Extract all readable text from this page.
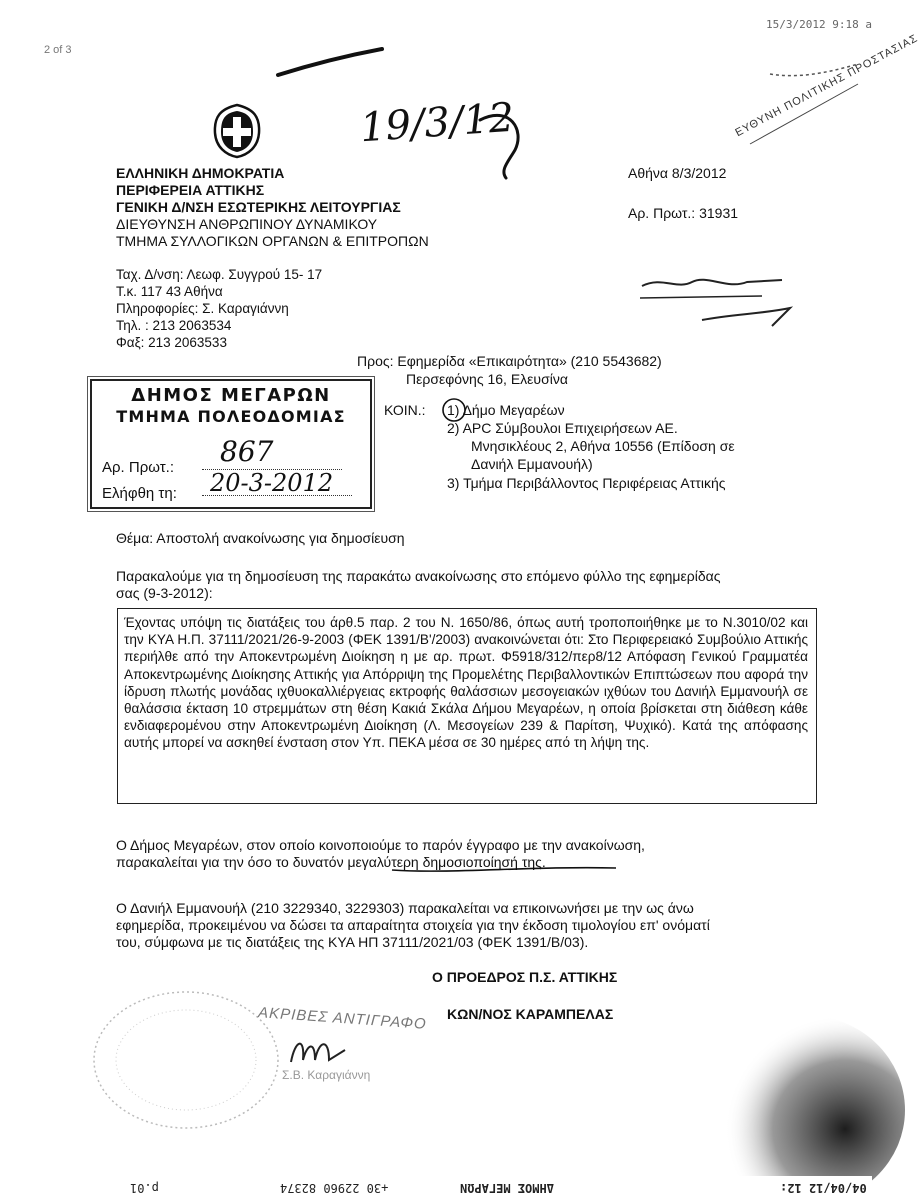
2 of 3
15/3/2012 9:18 a
19/3/12
ΕΛΛΗΝΙΚΗ ΔΗΜΟΚΡΑΤΙΑ
ΠΕΡΙΦΕΡΕΙΑ ΑΤΤΙΚΗΣ
ΓΕΝΙΚΗ Δ/ΝΣΗ ΕΣΩΤΕΡΙΚΗΣ ΛΕΙΤΟΥΡΓΙΑΣ
ΔΙΕΥΘΥΝΣΗ ΑΝΘΡΩΠΙΝΟΥ ΔΥΝΑΜΙΚΟΥ
ΤΜΗΜΑ ΣΥΛΛΟΓΙΚΩΝ ΟΡΓΑΝΩΝ & ΕΠΙΤΡΟΠΩΝ
Αθήνα 8/3/2012
Αρ. Πρωτ.: 31931
ΕΥΘΥΝΗ ΠΟΛΙΤΙΚΗΣ ΠΡΟΣΤΑΣΙΑΣ
Ταχ. Δ/νση: Λεωφ. Συγγρού 15- 17
Τ.κ. 117 43 Αθήνα
Πληροφορίες: Σ. Καραγιάννη
Τηλ. : 213 2063534
Φαξ: 213 2063533
Προς: Εφημερίδα «Επικαιρότητα» (210 5543682)
Περσεφόνης 16, Ελευσίνα
ΔΗΜΟΣ ΜΕΓΑΡΩΝ
ΤΜΗΜΑ ΠΟΛΕΟΔΟΜΙΑΣ
Αρ. Πρωτ.: 867
Ελήφθη τη: 20-3-2012
ΚΟΙΝ.: 1) Δήμο Μεγαρέων
2) APC Σύμβουλοι Επιχειρήσεων ΑΕ.
Μνησικλέους 2, Αθήνα 10556 (Επίδοση σε
Δανιήλ Εμμανουήλ)
3) Τμήμα Περιβάλλοντος Περιφέρειας Αττικής
Θέμα: Αποστολή ανακοίνωσης για δημοσίευση
Παρακαλούμε για τη δημοσίευση της παρακάτω ανακοίνωσης στο επόμενο φύλλο της εφημερίδας
σας (9-3-2012):

Έχοντας υπόψη τις διατάξεις του άρθ.5 παρ. 2 του Ν. 1650/86, όπως αυτή τροποποιήθηκε με το Ν.3010/02 και την ΚΥΑ Η.Π. 37111/2021/26-9-2003 (ΦΕΚ 1391/Β'/2003) ανακοινώνεται ότι: Στο Περιφερειακό Συμβούλιο Αττικής περιήλθε από την Αποκεντρωμένη Διοίκηση η με αρ. πρωτ. Φ5918/312/περ8/12 Απόφαση Γενικού Γραμματέα Αποκεντρωμένης Διοίκησης Αττικής για Απόρριψη της Προμελέτης Περιβαλλοντικών Επιπτώσεων που αφορά την ίδρυση πλωτής μονάδας ιχθυοκαλλιέργειας εκτροφής θαλάσσιων μεσογειακών ιχθύων του Δανιήλ Εμμανουήλ σε θαλάσσια έκταση 10 στρεμμάτων στη θέση Κακιά Σκάλα Δήμου Μεγαρέων, η οποία βρίσκεται στη διάθεση κάθε ενδιαφερομένου στην Αποκεντρωμένη Διοίκηση (Λ. Μεσογείων 239 & Παρίτση, Ψυχικό). Κατά της απόφασης αυτής μπορεί να ασκηθεί ένσταση στον Υπ. ΠΕΚΑ μέσα σε 30 ημέρες από τη λήψη της.

Ο Δήμος Μεγαρέων, στον οποίο κοινοποιούμε το παρόν έγγραφο με την ανακοίνωση,
παρακαλείται για την όσο το δυνατόν μεγαλύτερη δημοσιοποίησή της.
Ο Δανιήλ Εμμανουήλ (210 3229340, 3229303) παρακαλείται να επικοινωνήσει με την ως άνω
εφημερίδα, προκειμένου να δώσει τα απαραίτητα στοιχεία για την έκδοση τιμολογίου επ' ονόματί
του, σύμφωνα με τις διατάξεις της ΚΥΑ ΗΠ 37111/2021/03 (ΦΕΚ 1391/Β/03).
Ο ΠΡΟΕΔΡΟΣ Π.Σ. ΑΤΤΙΚΗΣ
ΚΩΝ/ΝΟΣ ΚΑΡΑΜΠΕΛΑΣ
ΑΚΡΙΒΕΣ ΑΝΤΙΓΡΑΦΟ
Σ.Β. Καραγιάννη
04/04/12 12:
ΔΗΜΟΣ ΜΕΓΑΡΩΝ
+30 22960 82374
p.01
